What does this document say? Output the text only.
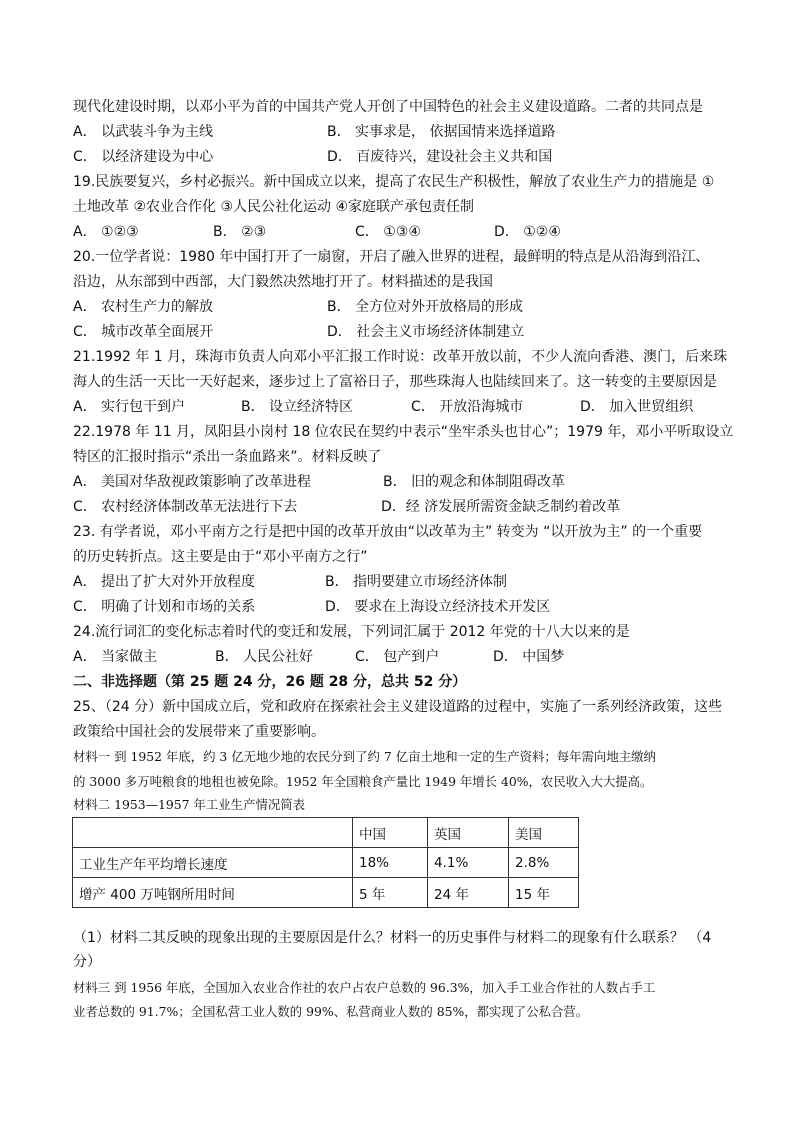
现代化建设时期，以邓小平为首的中国共产党人开创了中国特色的社会主义建设道路。二者的共同点是
A． 以武装斗争为主线	B． 实事求是， 依据国情来选择道路
C． 以经济建设为中心	D． 百废待兴，建设社会主义共和国
19.民族要复兴，乡村必振兴。新中国成立以来，提高了农民生产积极性，解放了农业生产力的措施是 ①
土地改革 ②农业合作化 ③人民公社化运动 ④家庭联产承包责任制
A． ①②③	B． ②③	C． ①③④	D． ①②④
20.一位学者说：1980 年中国打开了一扇窗，开启了融入世界的进程，最鲜明的特点是从沿海到沿江、
沿边，从东部到中西部，大门毅然决然地打开了。材料描述的是我国
A． 农村生产力的解放	B． 全方位对外开放格局的形成
C． 城市改革全面展开	D． 社会主义市场经济体制建立
21.1992 年 1 月，珠海市负责人向邓小平汇报工作时说：改革开放以前，不少人流向香港、澳门，后来珠
海人的生活一天比一天好起来，逐步过上了富裕日子，那些珠海人也陆续回来了。这一转变的主要原因是
A． 实行包干到户	B． 设立经济特区	C． 开放沿海城市	D． 加入世贸组织
22.1978 年 11 月，凤阳县小岗村 18 位农民在契约中表示“坐牢杀头也甘心”；1979 年，邓小平听取设立
特区的汇报时指示“杀出一条血路来”。材料反映了
A． 美国对华敌视政策影响了改革进程	B． 旧的观念和体制阻碍改革
C． 农村经济体制改革无法进行下去	D．经 济发展所需资金缺乏制约着改革
23. 有学者说，邓小平南方之行是把中国的改革开放由“以改革为主” 转变为 “以开放为主” 的一个重要
的历史转折点。这主要是由于“邓小平南方之行”
A． 提出了扩大对外开放程度	B． 指明要建立市场经济体制
C． 明确了计划和市场的关系	D． 要求在上海设立经济技术开发区
24.流行词汇的变化标志着时代的变迁和发展，下列词汇属于 2012 年党的十八大以来的是
A． 当家做主	B． 人民公社好	C． 包产到户	D． 中国梦
二、非选择题（第 25 题 24 分，26 题 28 分，总共 52 分）
25、（24 分）新中国成立后，党和政府在探索社会主义建设道路的过程中，实施了一系列经济政策，这些
政策给中国社会的发展带来了重要影响。
材料一 到 1952 年底，约 3 亿无地少地的农民分到了约 7 亿亩土地和一定的生产资料；每年需向地主缴纳
的 3000 多万吨粮食的地租也被免除。1952 年全国粮食产量比 1949 年增长 40%，农民收入大大提高。
材料二 1953—1957 年工业生产情况简表
	中国	英国	美国
工业生产年平均增长速度	18%	4.1%	2.8%
增产 400 万吨钢所用时间	5 年	24 年	15 年
（1）材料二其反映的现象出现的主要原因是什么？材料一的历史事件与材料二的现象有什么联系？ （4
分）
材料三 到 1956 年底，全国加入农业合作社的农户占农户总数的 96.3%，加入手工业合作社的人数占手工
业者总数的 91.7%；全国私营工业人数的 99%、私营商业人数的 85%，都实现了公私合营。
